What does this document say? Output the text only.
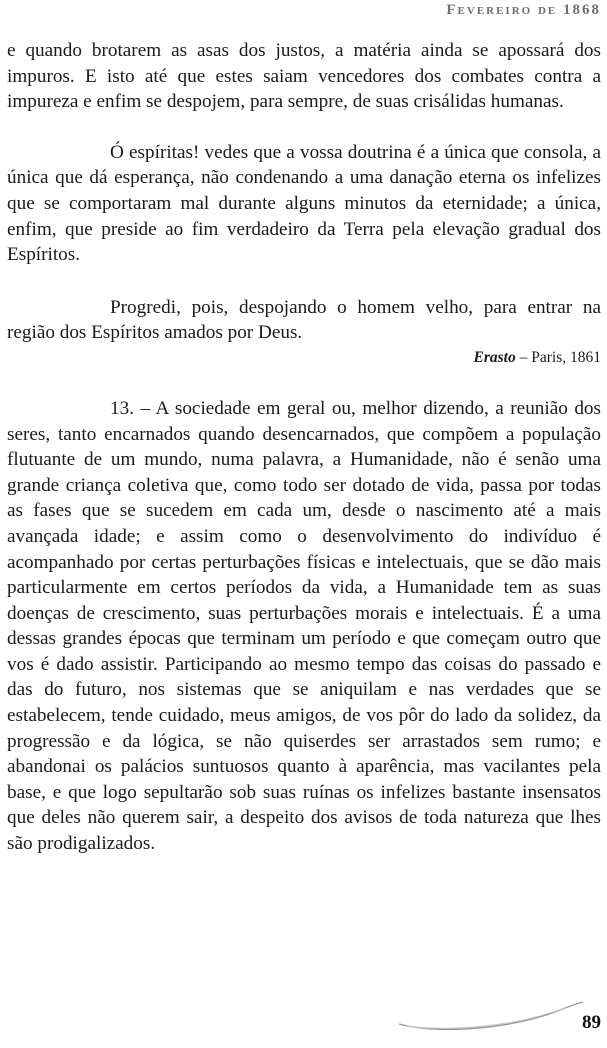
Fevereiro de 1868

e quando brotarem as asas dos justos, a matéria ainda se apossará dos impuros. E isto até que estes saiam vencedores dos combates contra a impureza e enfim se despojem, para sempre, de suas crisálidas humanas.

Ó espíritas! vedes que a vossa doutrina é a única que consola, a única que dá esperança, não condenando a uma danação eterna os infelizes que se comportaram mal durante alguns minutos da eternidade; a única, enfim, que preside ao fim verdadeiro da Terra pela elevação gradual dos Espíritos.

Progredi, pois, despojando o homem velho, para entrar na região dos Espíritos amados por Deus.

Erasto – Paris, 1861

13. – A sociedade em geral ou, melhor dizendo, a reunião dos seres, tanto encarnados quando desencarnados, que compõem a população flutuante de um mundo, numa palavra, a Humanidade, não é senão uma grande criança coletiva que, como todo ser dotado de vida, passa por todas as fases que se sucedem em cada um, desde o nascimento até a mais avançada idade; e assim como o desenvolvimento do indivíduo é acompanhado por certas perturbações físicas e intelectuais, que se dão mais particularmente em certos períodos da vida, a Humanidade tem as suas doenças de crescimento, suas perturbações morais e intelectuais. É a uma dessas grandes épocas que terminam um período e que começam outro que vos é dado assistir. Participando ao mesmo tempo das coisas do passado e das do futuro, nos sistemas que se aniquilam e nas verdades que se estabelecem, tende cuidado, meus amigos, de vos pôr do lado da solidez, da progressão e da lógica, se não quiserdes ser arrastados sem rumo; e abandonai os palácios suntuosos quanto à aparência, mas vacilantes pela base, e que logo sepultarão sob suas ruínas os infelizes bastante insensatos que deles não querem sair, a despeito dos avisos de toda natureza que lhes são prodigalizados.

89
